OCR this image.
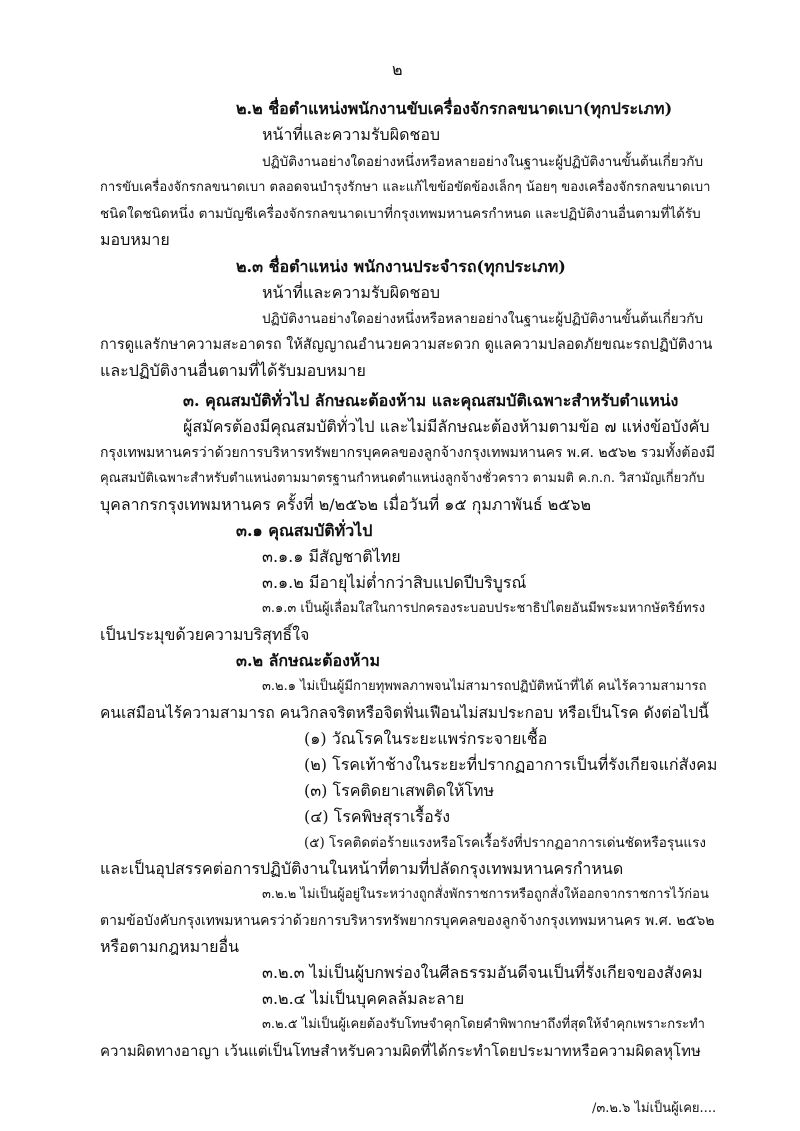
๒
๒.๒ ชื่อตำแหน่งพนักงานขับเครื่องจักรกลขนาดเบา(ทุกประเภท)
หน้าที่และความรับผิดชอบ
ปฏิบัติงานอย่างใดอย่างหนึ่งหรือหลายอย่างในฐานะผู้ปฏิบัติงานขั้นต้นเกี่ยวกับ
การขับเครื่องจักรกลขนาดเบา ตลอดจนบำรุงรักษา และแก้ไขข้อขัดข้องเล็กๆ น้อยๆ ของเครื่องจักรกลขนาดเบา
ชนิดใดชนิดหนึ่ง ตามบัญชีเครื่องจักรกลขนาดเบาที่กรุงเทพมหานครกำหนด และปฏิบัติงานอื่นตามที่ได้รับ
มอบหมาย
๒.๓ ชื่อตำแหน่ง พนักงานประจำรถ(ทุกประเภท)
หน้าที่และความรับผิดชอบ
ปฏิบัติงานอย่างใดอย่างหนึ่งหรือหลายอย่างในฐานะผู้ปฏิบัติงานขั้นต้นเกี่ยวกับ
การดูแลรักษาความสะอาดรถ ให้สัญญาณอำนวยความสะดวก ดูแลความปลอดภัยขณะรถปฏิบัติงาน
และปฏิบัติงานอื่นตามที่ได้รับมอบหมาย
๓. คุณสมบัติทั่วไป ลักษณะต้องห้าม และคุณสมบัติเฉพาะสำหรับตำแหน่ง
ผู้สมัครต้องมีคุณสมบัติทั่วไป และไม่มีลักษณะต้องห้ามตามข้อ ๗ แห่งข้อบังคับ
กรุงเทพมหานครว่าด้วยการบริหารทรัพยากรบุคคลของลูกจ้างกรุงเทพมหานคร พ.ศ. ๒๕๖๒ รวมทั้งต้องมี
คุณสมบัติเฉพาะสำหรับตำแหน่งตามมาตรฐานกำหนดตำแหน่งลูกจ้างชั่วคราว ตามมติ ค.ก.ก. วิสามัญเกี่ยวกับ
บุคลากรกรุงเทพมหานคร ครั้งที่ ๒/๒๕๖๒ เมื่อวันที่ ๑๕ กุมภาพันธ์ ๒๕๖๒
๓.๑ คุณสมบัติทั่วไป
๓.๑.๑ มีสัญชาติไทย
๓.๑.๒ มีอายุไม่ต่ำกว่าสิบแปดปีบริบูรณ์
๓.๑.๓ เป็นผู้เลื่อมใสในการปกครองระบอบประชาธิปไตยอันมีพระมหากษัตริย์ทรง
เป็นประมุขด้วยความบริสุทธิ์ใจ
๓.๒ ลักษณะต้องห้าม
๓.๒.๑ ไม่เป็นผู้มีกายทุพพลภาพจนไม่สามารถปฏิบัติหน้าที่ได้ คนไร้ความสามารถ
คนเสมือนไร้ความสามารถ คนวิกลจริตหรือจิตฟั่นเฟือนไม่สมประกอบ หรือเป็นโรค ดังต่อไปนี้
(๑) วัณโรคในระยะแพร่กระจายเชื้อ
(๒) โรคเท้าช้างในระยะที่ปรากฏอาการเป็นที่รังเกียจแก่สังคม
(๓) โรคติดยาเสพติดให้โทษ
(๔) โรคพิษสุราเรื้อรัง
(๕) โรคติดต่อร้ายแรงหรือโรคเรื้อรังที่ปรากฏอาการเด่นชัดหรือรุนแรง
และเป็นอุปสรรคต่อการปฏิบัติงานในหน้าที่ตามที่ปลัดกรุงเทพมหานครกำหนด
๓.๒.๒ ไม่เป็นผู้อยู่ในระหว่างถูกสั่งพักราชการหรือถูกสั่งให้ออกจากราชการไว้ก่อน
ตามข้อบังคับกรุงเทพมหานครว่าด้วยการบริหารทรัพยากรบุคคลของลูกจ้างกรุงเทพมหานคร พ.ศ. ๒๕๖๒
หรือตามกฎหมายอื่น
๓.๒.๓ ไม่เป็นผู้บกพร่องในศีลธรรมอันดีจนเป็นที่รังเกียจของสังคม
๓.๒.๔ ไม่เป็นบุคคลล้มละลาย
๓.๒.๕ ไม่เป็นผู้เคยต้องรับโทษจำคุกโดยคำพิพากษาถึงที่สุดให้จำคุกเพราะกระทำ
ความผิดทางอาญา เว้นแต่เป็นโทษสำหรับความผิดที่ได้กระทำโดยประมาทหรือความผิดลหุโทษ
/๓.๒.๖ ไม่เป็นผู้เคย....
